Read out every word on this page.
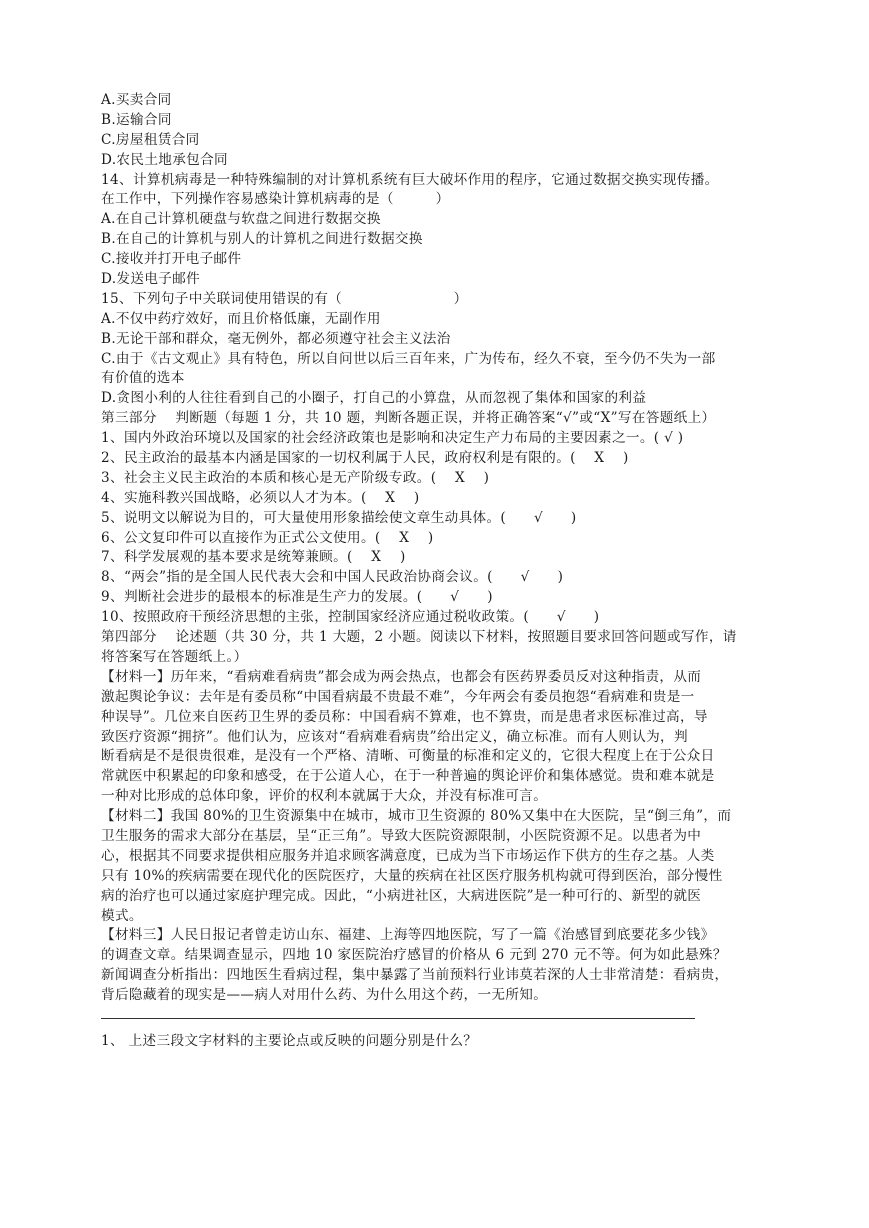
A.买卖合同
B.运输合同
C.房屋租赁合同
D.农民土地承包合同
14、计算机病毒是一种特殊编制的对计算机系统有巨大破坏作用的程序，它通过数据交换实现传播。
在工作中，下列操作容易感染计算机病毒的是（　　　）
A.在自己计算机硬盘与软盘之间进行数据交换
B.在自己的计算机与别人的计算机之间进行数据交换
C.接收并打开电子邮件
D.发送电子邮件
15、下列句子中关联词使用错误的有（　　　　　　　　）
A.不仅中药疗效好，而且价格低廉，无副作用
B.无论干部和群众，毫无例外，都必须遵守社会主义法治
C.由于《古文观止》具有特色，所以自问世以后三百年来，广为传布，经久不衰，至今仍不失为一部
有价值的选本
D.贪图小利的人往往看到自己的小圈子，打自己的小算盘，从而忽视了集体和国家的利益
第三部分　 判断题（每题 1 分，共 10 题，判断各题正误，并将正确答案“√”或“X”写在答题纸上）
1、国内外政治环境以及国家的社会经济政策也是影响和决定生产力布局的主要因素之一。( √ )
2、民主政治的最基本内涵是国家的一切权利属于人民，政府权利是有限的。(　 X　 )
3、社会主义民主政治的本质和核心是无产阶级专政。(　 X　 )
4、实施科教兴国战略，必须以人才为本。(　 X　 )
5、说明文以解说为目的，可大量使用形象描绘使文章生动具体。(　　√　　)
6、公文复印件可以直接作为正式公文使用。(　 X　 )
7、科学发展观的基本要求是统筹兼顾。(　 X　 )
8、“两会”指的是全国人民代表大会和中国人民政治协商会议。(　　√　　)
9、判断社会进步的最根本的标准是生产力的发展。(　　√　　)
10、按照政府干预经济思想的主张，控制国家经济应通过税收政策。(　　√　　)
第四部分　 论述题（共 30 分，共 1 大题，2 小题。阅读以下材料，按照题目要求回答问题或写作，请
将答案写在答题纸上。）
【材料一】历年来，“看病难看病贵”都会成为两会热点，也都会有医药界委员反对这种指责，从而
激起舆论争议：去年是有委员称“中国看病最不贵最不难”，今年两会有委员抱怨“看病难和贵是一
种误导”。几位来自医药卫生界的委员称：中国看病不算难，也不算贵，而是患者求医标准过高，导
致医疗资源“拥挤”。他们认为，应该对“看病难看病贵”给出定义，确立标准。而有人则认为，判
断看病是不是很贵很难，是没有一个严格、清晰、可衡量的标准和定义的，它很大程度上在于公众日
常就医中积累起的印象和感受，在于公道人心，在于一种普遍的舆论评价和集体感觉。贵和难本就是
一种对比形成的总体印象，评价的权利本就属于大众，并没有标准可言。
【材料二】我国 80%的卫生资源集中在城市，城市卫生资源的 80%又集中在大医院，呈“倒三角”，而
卫生服务的需求大部分在基层，呈“正三角”。导致大医院资源限制，小医院资源不足。以患者为中
心，根据其不同要求提供相应服务并追求顾客满意度，已成为当下市场运作下供方的生存之基。人类
只有 10%的疾病需要在现代化的医院医疗，大量的疾病在社区医疗服务机构就可得到医治，部分慢性
病的治疗也可以通过家庭护理完成。因此，“小病进社区，大病进医院”是一种可行的、新型的就医
模式。
【材料三】人民日报记者曾走访山东、福建、上海等四地医院，写了一篇《治感冒到底要花多少钱》
的调查文章。结果调查显示，四地 10 家医院治疗感冒的价格从 6 元到 270 元不等。何为如此悬殊？
新闻调查分析指出：四地医生看病过程，集中暴露了当前预料行业讳莫若深的人士非常清楚：看病贵，
背后隐藏着的现实是——病人对用什么药、为什么用这个药，一无所知。
1、 上述三段文字材料的主要论点或反映的问题分别是什么？
